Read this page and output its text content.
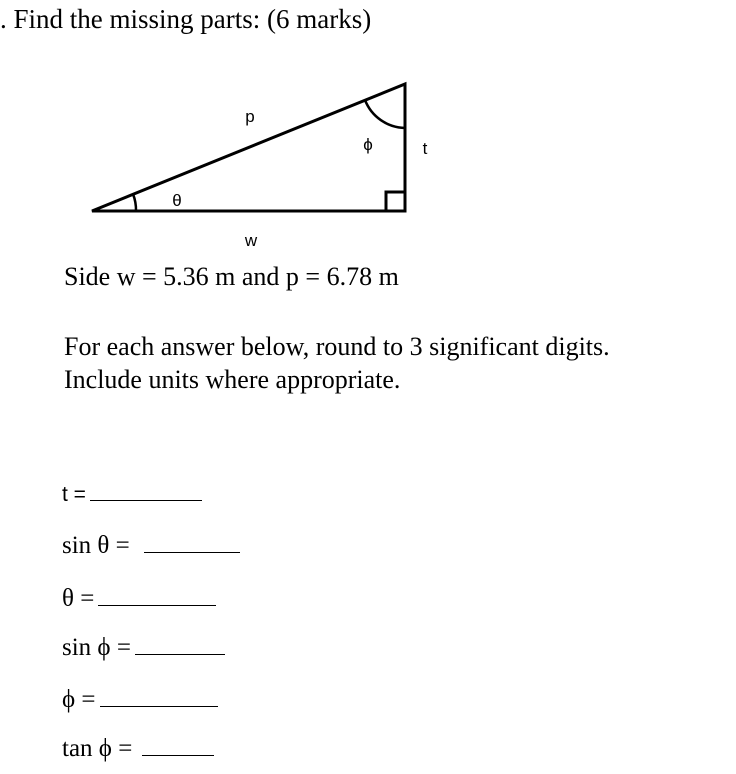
. Find the missing parts: (6 marks)
p
θ
ϕ	t
w
Side w = 5.36 m and p = 6.78 m
For each answer below, round to 3 significant digits.
Include units where appropriate.
t =
sin θ =
θ =
sin ϕ =
ϕ =
tan ϕ =
